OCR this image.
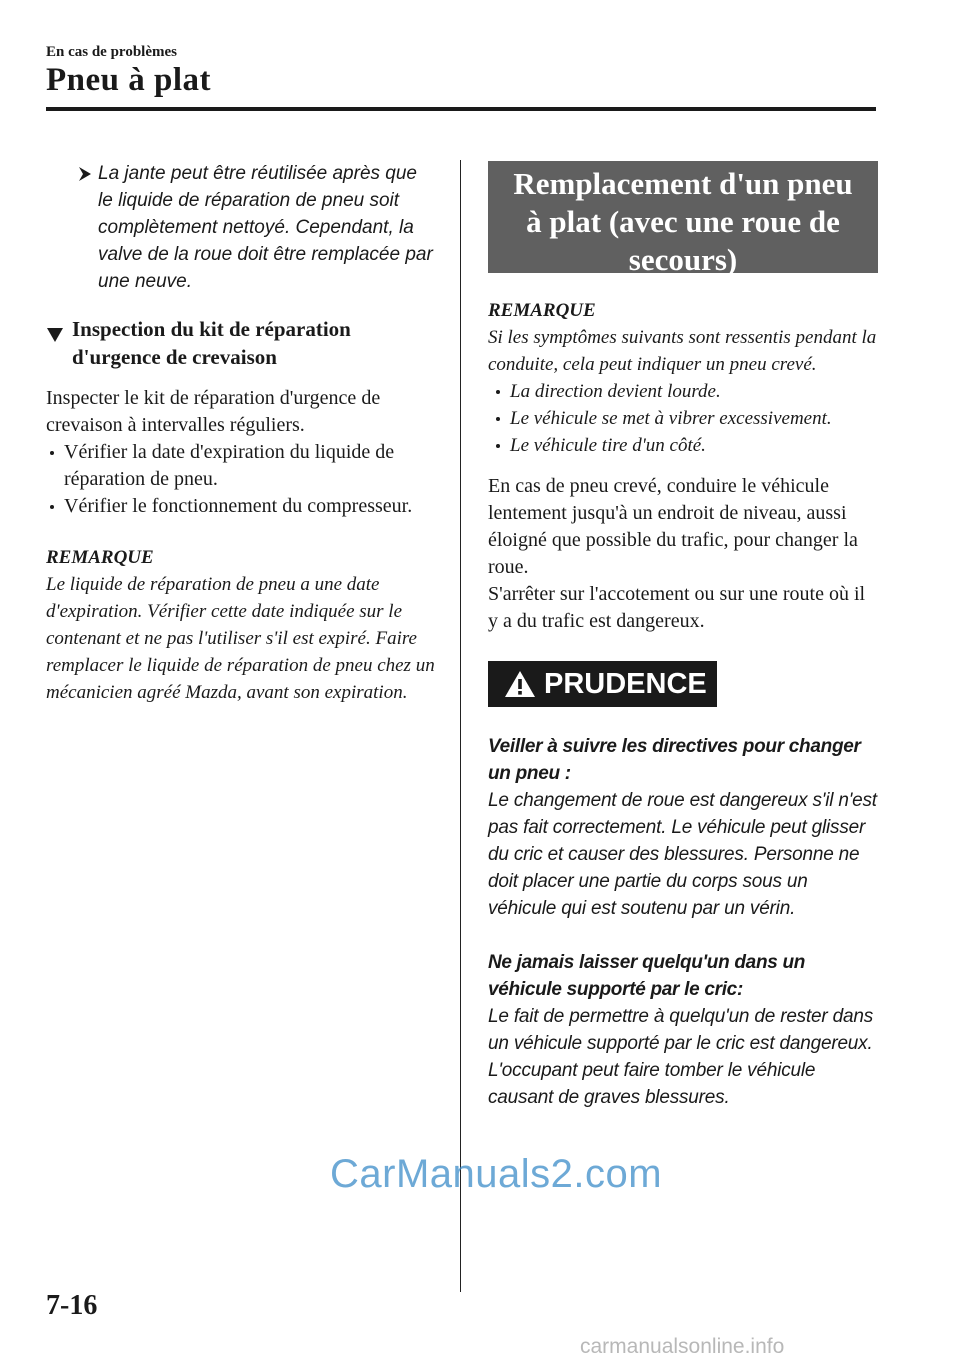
En cas de problèmes
Pneu à plat
La jante peut être réutilisée après que le liquide de réparation de pneu soit complètement nettoyé. Cependant, la valve de la roue doit être remplacée par une neuve.
Inspection du kit de réparation
d'urgence de crevaison
Inspecter le kit de réparation d'urgence de crevaison à intervalles réguliers.
Vérifier la date d'expiration du liquide de réparation de pneu.
Vérifier le fonctionnement du compresseur.
REMARQUE
Le liquide de réparation de pneu a une date d'expiration. Vérifier cette date indiquée sur le contenant et ne pas l'utiliser s'il est expiré. Faire remplacer le liquide de réparation de pneu chez un mécanicien agréé Mazda, avant son expiration.
Remplacement d'un pneu
à plat (avec une roue de
secours)
REMARQUE
Si les symptômes suivants sont ressentis pendant la conduite, cela peut indiquer un pneu crevé.
La direction devient lourde.
Le véhicule se met à vibrer excessivement.
Le véhicule tire d'un côté.
En cas de pneu crevé, conduire le véhicule lentement jusqu'à un endroit de niveau, aussi éloigné que possible du trafic, pour changer la roue.
S'arrêter sur l'accotement ou sur une route où il y a du trafic est dangereux.
PRUDENCE
Veiller à suivre les directives pour changer un pneu :
Le changement de roue est dangereux s'il n'est pas fait correctement. Le véhicule peut glisser du cric et causer des blessures. Personne ne doit placer une partie du corps sous un véhicule qui est soutenu par un vérin.
Ne jamais laisser quelqu'un dans un véhicule supporté par le cric:
Le fait de permettre à quelqu'un de rester dans un véhicule supporté par le cric est dangereux. L'occupant peut faire tomber le véhicule causant de graves blessures.
CarManuals2.com
7-16
carmanualsonline.info
